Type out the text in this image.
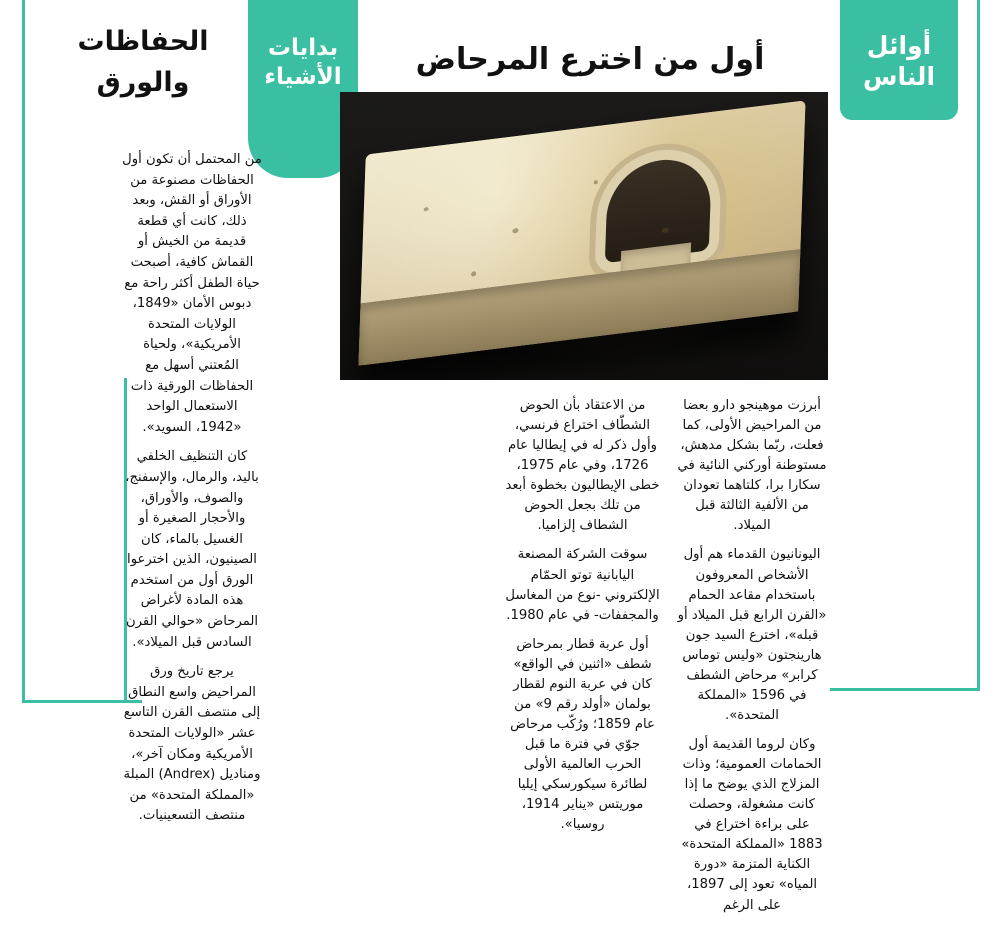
أوائل الناس
بدايات الأشياء	أول من اخترع المرحاض
الحفاظات والورق

أبرزت موهينجو دارو بعضا من المراحيض الأولى، كما فعلت، ربّما بشكل مدهش، مستوطنة أوركني النائية في سكارا برا، كلتاهما تعودان من الألفية الثالثة قبل الميلاد.

اليونانيون القدماء هم أول الأشخاص المعروفون باستخدام مقاعد الحمام «القرن الرابع قبل الميلاد أو قبله»، اخترع السيد جون هارينجتون «وليس توماس كرابر» مرحاض الشطف في 1596 «المملكة المتحدة».

وكان لروما القديمة أول الحمامات العمومية؛ وذات المزلاج الذي يوضح ما إذا كانت مشغولة، وحصلت على براءة اختراع في 1883 «المملكة المتحدة» الكناية المتزمة «دورة المياه» تعود إلى 1897، على الرغم

من الاعتقاد بأن الحوض الشطّاف اختراع فرنسي، وأول ذكر له في إيطاليا عام 1726، وفي عام 1975، خطى الإيطاليون بخطوة أبعد من تلك بجعل الحوض الشطاف إلزاميا.

سوقت الشركة المصنعة اليابانية توتو الحمّام الإلكتروني -نوع من المغاسل والمجففات- في عام 1980.

أول عربة قطار بمرحاض شطف «اثنين في الواقع» كان في عربة النوم لقطار بولمان «أولد رقم 9» من عام 1859؛ ورُكّب مرحاض جوّي في فترة ما قبل الحرب العالمية الأولى لطائرة سيكورسكي إيليا موريتس «يناير 1914، روسيا».

من المحتمل أن تكون أول الحفاظات مصنوعة من الأوراق أو القش، وبعد ذلك، كانت أي قطعة قديمة من الخيش أو القماش كافية، أصبحت حياة الطفل أكثر راحة مع دبوس الأمان «1849، الولايات المتحدة الأمريكية»، ولحياة المُعتني أسهل مع الحفاظات الورقية ذات الاستعمال الواحد «1942، السويد».

كان التنظيف الخلفي باليد، والرمال، والإسفنج، والصوف، والأوراق، والأحجار الصغيرة أو الغسيل بالماء، كان الصينيون، الذين اخترعوا الورق أول من استخدم هذه المادة لأغراض المرحاض «حوالي القرن السادس قبل الميلاد».

يرجع تاريخ ورق المراحيض واسع النطاق إلى منتصف القرن التاسع عشر «الولايات المتحدة الأمريكية ومكان آخر»، ومناديل (Andrex) المبلة «المملكة المتحدة» من منتصف التسعينيات.
